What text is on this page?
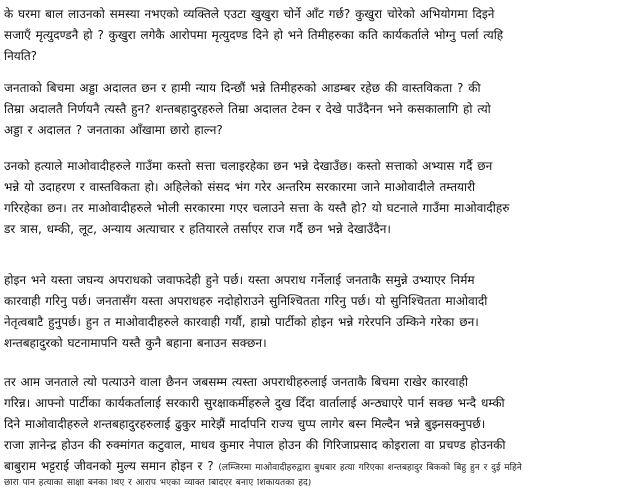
के घरमा बाल लाउनको समस्या नभएको व्यक्तिले एउटा खुखुरा चोर्ने आँट गर्छ? कुखुरा चोरेको अभियोगमा दिइने
सजाएँ मृत्युदण्डनै हो ? कुखुरा लगेकै आरोपमा मृत्युदण्ड दिने हो भने तिमीहरुका कति कार्यकर्ताले भोग्नु पर्ला त्यहि
नियति?
जनताको बिचमा अड्डा अदालत छन र हामी न्याय दिन्छौं भन्ने तिमीहरुको आडम्बर रहेछ की वास्तविकता ? की
तिम्रा अदालतै निर्णयनै त्यस्तै हुन? शन्तबहादुरहरुले तिम्रा अदालत टेक्न र देखे पाउँदैनन भने कसकालागि हो त्यो
अड्डा र अदालत ? जनताका आँखामा छारो हाल्न?
उनको हत्याले माओवादीहरुले गाउँमा कस्तो सत्ता चलाइरहेका छन भन्ने देखाउँछ। कस्तो सत्ताको अभ्यास गर्दै छन
भन्ने यो उदाहरण र वास्तविकता हो। अहिलेको संसद भंग गरेर अन्तरिम सरकारमा जाने माओवादीले तम्तयारी
गरिरहेका छन। तर माओवादीहरुले भोली सरकारमा गएर चलाउने सत्ता के यस्तै हो? यो घटनाले गाउँमा माओवादीहरु
डर त्रास, धम्की, लूट, अन्याय अत्याचार र हतियारले तर्साएर राज गर्दै छन भन्ने देखाउँदैन।
होइन भने यस्ता जघन्य अपराधको जवाफदेही हुने पर्छ। यस्ता अपराध गर्नेलाई जनताकै समुन्ने उभ्याएर निर्मम
कारवाही गरिनु पर्छ। जनतासँग यस्ता अपराधहरु नदोहोराउने सुनिश्चितता गरिनु पर्छ। यो सुनिश्चितता माओवादी
नेतृत्वबाटै हुनुपर्छ। हुन त माओवादीहरुले कारवाही गर्यौ, हाम्रो पार्टीको होइन भन्ने गरेरपनि उम्किने गरेका छन।
शन्तबहादुरको घटनामापनि यस्तै कुनै बहाना बनाउन सक्छन।
तर आम जनताले त्यो पत्याउने वाला छैनन जबसम्म त्यस्ता अपराधीहरुलाई जनताकै बिचमा राखेर कारवाही
गरिन्न। आफ्नो पार्टीका कार्यकर्तालाई सरकारी सुरक्षाकर्मीहरुले दुख दिँदा वार्तालाई अन्ठ्याएरे पार्न सक्छ भन्दै धम्की
दिने माओवादीहरुले शन्तबहादुरहरुलाई ढुकुर मारेझैं मार्दापनि राज्य चुप्प लागेर बस्न मिल्दैन भन्ने बुझ्नसक्नुपर्छ।
राजा ज्ञानेन्द्र होउन की रुक्मांगत कटुवाल, माधव कुमार नेपाल होउन की गिरिजाप्रसाद कोइराला वा प्रचण्ड होउनकी
बाबुराम भट्टराई जीवनको मुल्य समान होइन र ? (लम्जिरमा माओवादीहरुद्वारा बुधबार हत्या गरिएका शन्तबहादुर बिकको बिहु हुन र दुई महिने
छोरी पनि हत्याको साक्षी बनेका थिए र आरोप भएको व्यक्ति बिदिएर बनाए शिकायतको हेर्दै)
